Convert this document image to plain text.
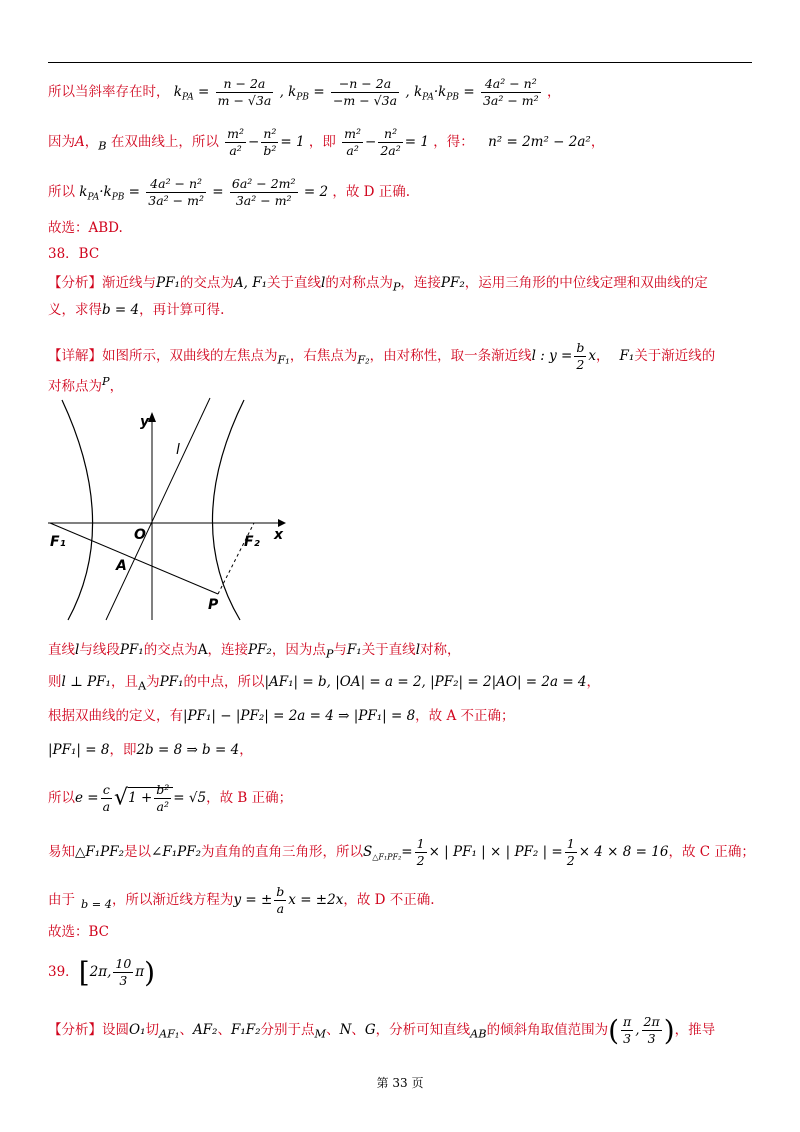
所以当斜率存在时， $k_{PA} = \frac{n - 2a}{m - √3a}$ , $k_{PB} = \frac{-n - 2a}{-m - √3a}$ , $k_{PA}\cdot k_{PB} = \frac{\text{4a² − n²}}{\text{3a² − m²}}$ ，
因为A，$_B$ 在双曲线上，所以 $\frac{\text{m²}}{\text{a²}} - \frac{\text{n²}}{\text{b²}} = 1$ ，即 $\frac{\text{m²}}{\text{a²}} - \frac{\text{n²}}{\text{2a²}} = 1$ ，得： n² = 2m² − 2a²，
所以 $k_{PA}\cdot k_{PB} = \frac{\text{4a² − n²}}{\text{3a² − m²}} = \frac{\text{6a² − 2m²}}{\text{3a² − m²}} = 2$ ，故 D 正确.
故选：ABD.
38．BC
【分析】渐近线与PF₁的交点为A, F₁关于直线l的对称点为$_P$，连接PF₂，运用三角形的中位线定理和双曲线的定
义，求得b = 4，再计算可得.
【详解】如图所示，双曲线的左焦点为$_{F_1}$，右焦点为$_{F_2}$，由对称性，取一条渐近线l : $y = \frac{b}{2}$ x， F₁关于渐近线的
对称点为$^P$，
y
x
l
O
F₁	F₂
A
P
直线l与线段PF₁的交点为A，连接PF₂，因为点$_P$与F₁关于直线l对称，
则l ⊥ PF₁，且$_A$为PF₁的中点，所以|AF₁| = b, |OA| = a = 2, |PF₂| = 2|AO| = 2a = 4，
根据双曲线的定义，有|PF₁| − |PF₂| = 2a = 4 ⇒ |PF₁| = 8，故 A 不正确；
|PF₁| = 8，即2b = 8 ⇒ b = 4，
所以$e = \frac{c}{a} √1 + \frac{\text{b²}}{\text{a²}} = √5$，故 B 正确；
易知△F₁PF₂是以∠F₁PF₂为直角的直角三角形，所以$S_{\triangle F_1PF_2}= \frac{1}{2}$ × | PF₁ | × | PF₂ | = $\frac{1}{2} \times 4 \times 8 = 16$，故 C 正确；
由于 $_{b = 4}$，所以渐近线方程为y = ± $\frac{b}{a}$ x = ±2x，故 D 不正确.
故选：BC
39．[2π, $\frac{10}{3} \pi$)
【分析】设圆O₁切$_{AF_1}$、AF₂、F₁F₂分别于点$_M$、N、G，分析可知直线$_{AB}$的倾斜角取值范围为( $\frac{\pi}{3}$ , $\frac{2\pi}{3}$ )，推导
第 33 页
